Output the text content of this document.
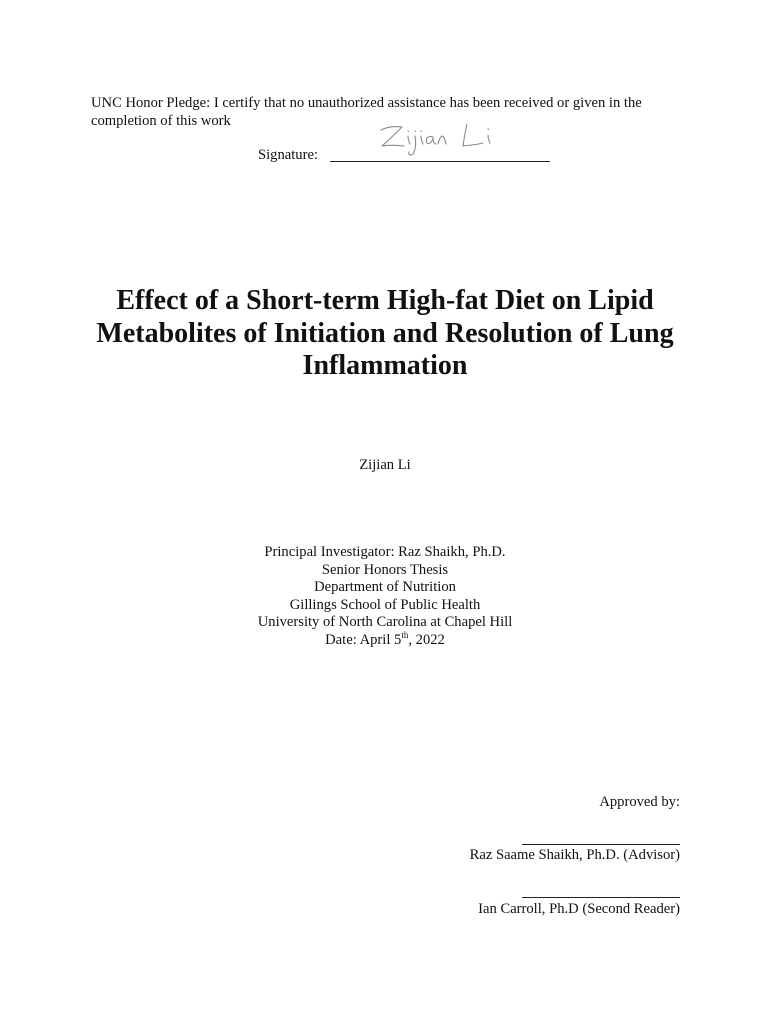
UNC Honor Pledge: I certify that no unauthorized assistance has been received or given in the completion of this work
Signature:
Effect of a Short-term High-fat Diet on Lipid
Metabolites of Initiation and Resolution of Lung
Inflammation
Zijian Li
Principal Investigator: Raz Shaikh, Ph.D.
Senior Honors Thesis
Department of Nutrition
Gillings School of Public Health
University of North Carolina at Chapel Hill
Date: April 5th, 2022
Approved by:
Raz Saame Shaikh, Ph.D. (Advisor)
Ian Carroll, Ph.D (Second Reader)
